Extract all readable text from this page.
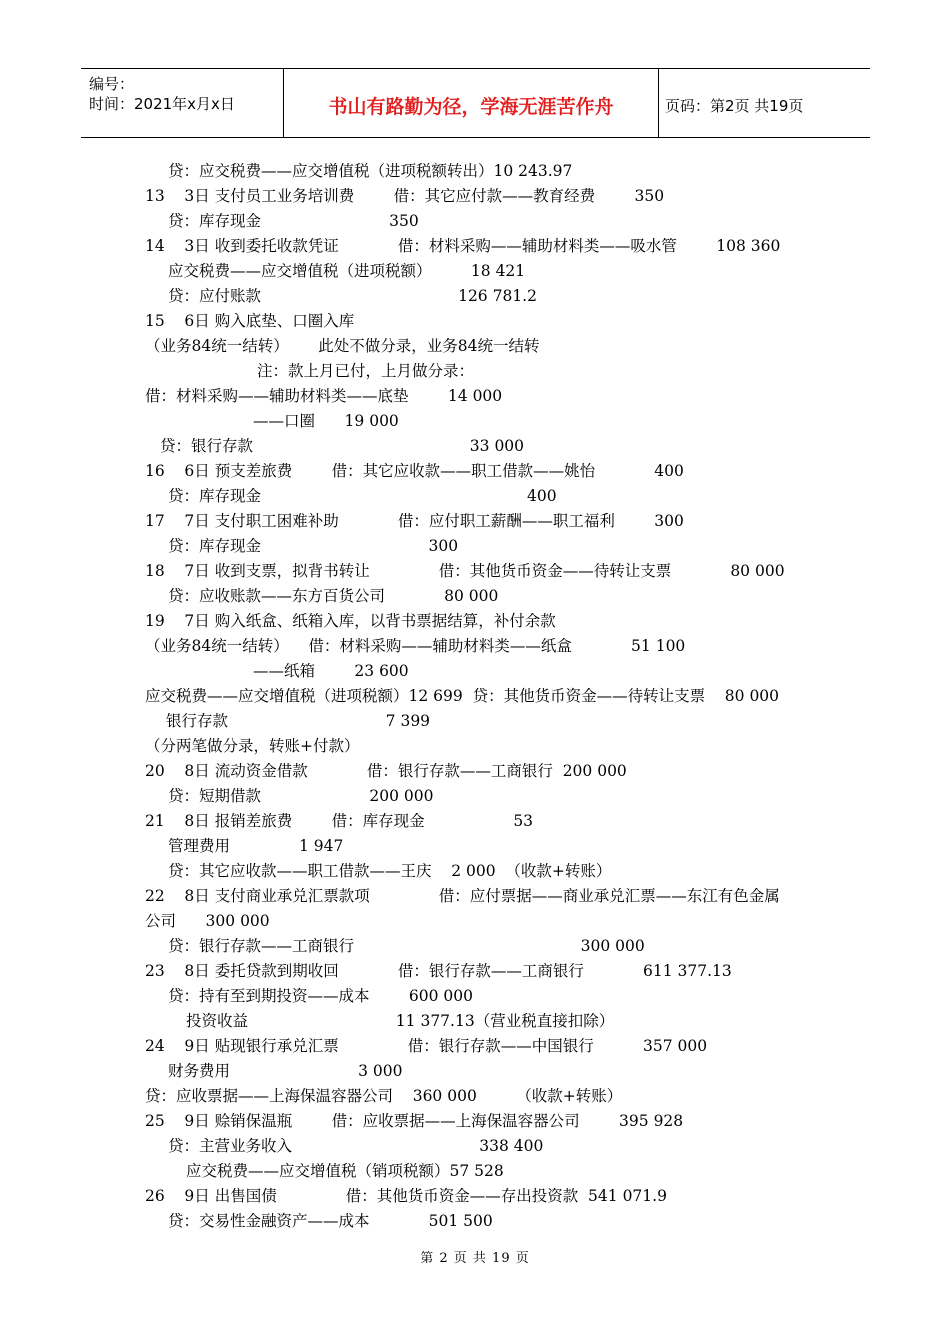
编号：
时间：2021年x月x日	书山有路勤为径，学海无涯苦作舟	页码：第2页 共19页
贷：应交税费——应交增值税（进项税额转出）10 243.97
13    3日 支付员工业务培训费        借：其它应付款——教育经费        350
贷：库存现金                          350
14    3日 收到委托收款凭证            借：材料采购——辅助材料类——吸水管        108 360
应交税费——应交增值税（进项税额）        18 421
贷：应付账款                                        126 781.2
15    6日 购入底垫、口圈入库
（业务84统一结转）      此处不做分录，业务84统一结转
注：款上月已付，上月做分录：
借：材料采购——辅助材料类——底垫        14 000
——口圈      19 000
贷：银行存款                                            33 000
16    6日 预支差旅费        借：其它应收款——职工借款——姚怡            400
贷：库存现金                                                      400
17    7日 支付职工困难补助            借：应付职工薪酬——职工福利        300
贷：库存现金                                  300
18    7日 收到支票，拟背书转让              借：其他货币资金——待转让支票            80 000
贷：应收账款——东方百货公司            80 000
19    7日 购入纸盒、纸箱入库，以背书票据结算，补付余款
（业务84统一结转）    借：材料采购——辅助材料类——纸盒            51 100
——纸箱        23 600
应交税费——应交增值税（进项税额）12 699  贷：其他货币资金——待转让支票    80 000
银行存款                                7 399
（分两笔做分录，转账+付款）
20    8日 流动资金借款            借：银行存款——工商银行  200 000
贷：短期借款                      200 000
21    8日 报销差旅费        借：库存现金                  53
管理费用              1 947
贷：其它应收款——职工借款——王庆    2 000  （收款+转账）
22    8日 支付商业承兑汇票款项              借：应付票据——商业承兑汇票——东江有色金属
公司      300 000
贷：银行存款——工商银行                                              300 000
23    8日 委托贷款到期收回            借：银行存款——工商银行            611 377.13
贷：持有至到期投资——成本        600 000
投资收益                              11 377.13（营业税直接扣除）
24    9日 贴现银行承兑汇票              借：银行存款——中国银行          357 000
财务费用                          3 000
贷：应收票据——上海保温容器公司    360 000        （收款+转账）
25    9日 赊销保温瓶        借：应收票据——上海保温容器公司        395 928
贷：主营业务收入                                      338 400
应交税费——应交增值税（销项税额）57 528
26    9日 出售国债              借：其他货币资金——存出投资款  541 071.9
贷：交易性金融资产——成本            501 500
第 2 页 共 19 页
